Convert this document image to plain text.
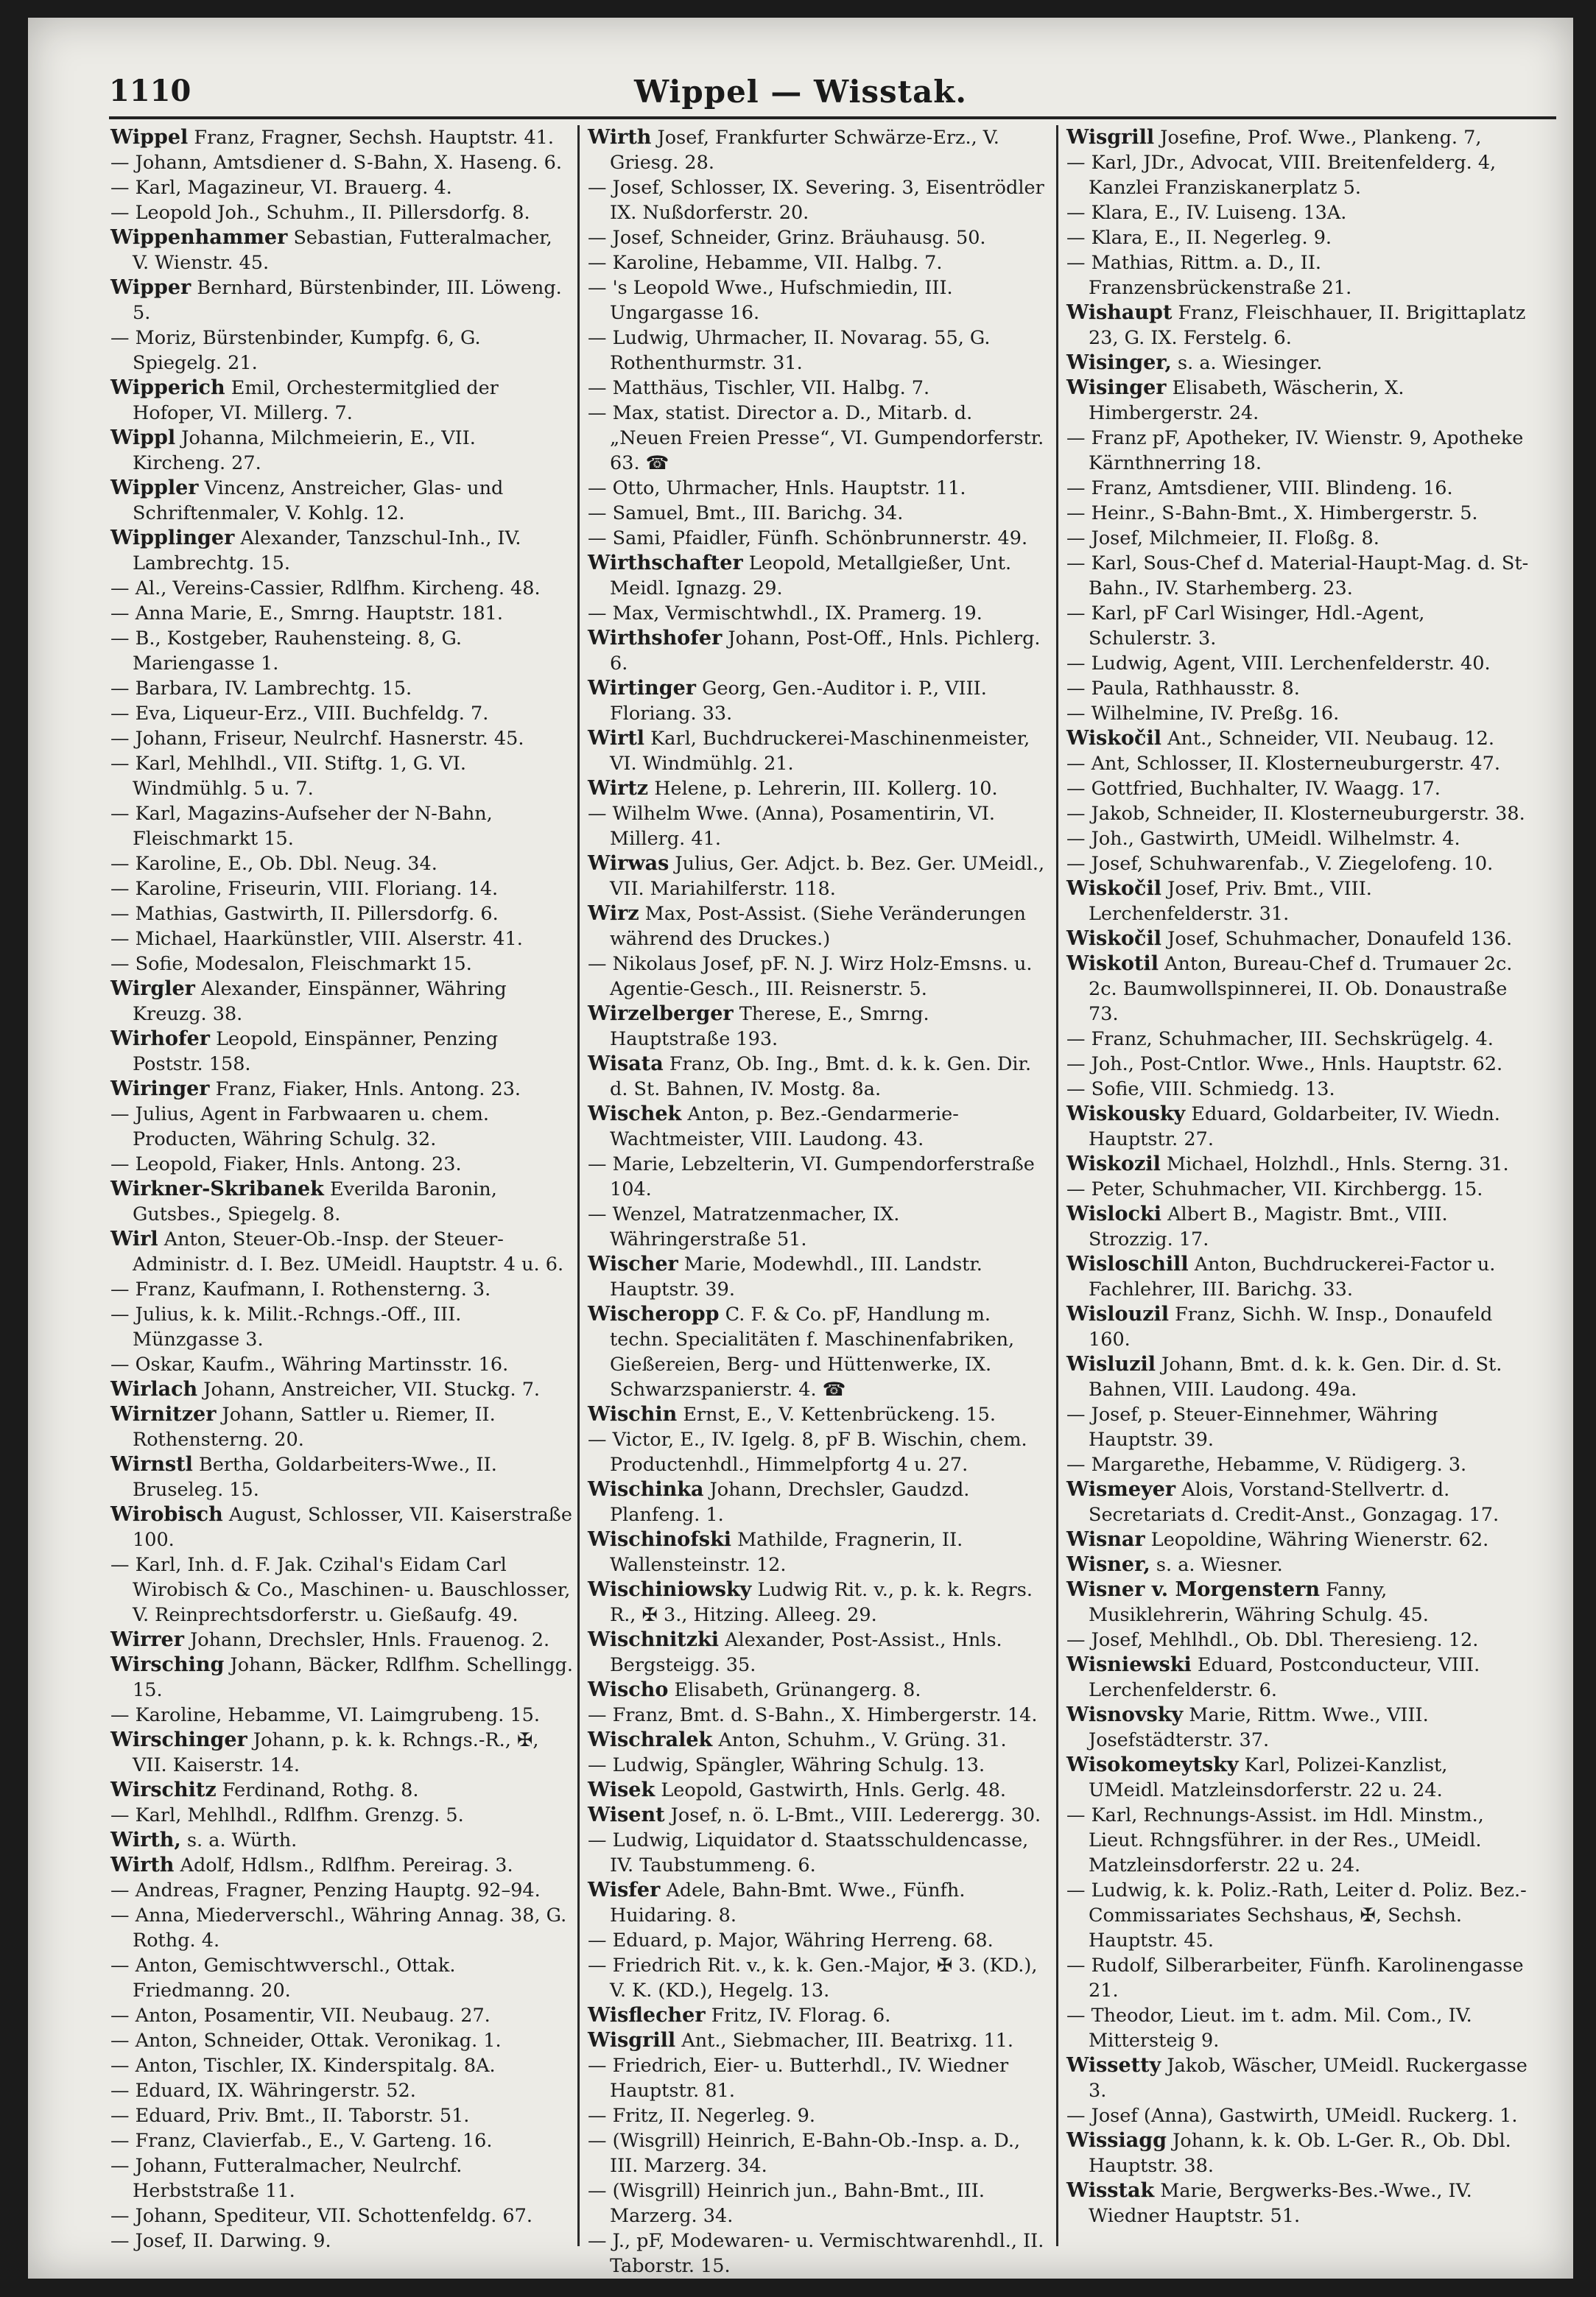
1110	Wippel — Wisstak.

Wippel Franz, Fragner, Sechsh. Hauptstr. 41.

— Johann, Amtsdiener d. S-Bahn, X. Haseng. 6.

— Karl, Magazineur, VI. Brauerg. 4.

— Leopold Joh., Schuhm., II. Pillersdorfg. 8.

Wippenhammer Sebastian, Futteralmacher, V. Wienstr. 45.

Wipper Bernhard, Bürstenbinder, III. Löweng. 5.

— Moriz, Bürstenbinder, Kumpfg. 6, G. Spiegelg. 21.

Wipperich Emil, Orchestermitglied der Hofoper, VI. Millerg. 7.

Wippl Johanna, Milchmeierin, E., VII. Kircheng. 27.

Wippler Vincenz, Anstreicher, Glas- und Schriftenmaler, V. Kohlg. 12.

Wipplinger Alexander, Tanzschul-Inh., IV. Lambrechtg. 15.

— Al., Vereins-Cassier, Rdlfhm. Kircheng. 48.

— Anna Marie, E., Smrng. Hauptstr. 181.

— B., Kostgeber, Rauhensteing. 8, G. Mariengasse 1.

— Barbara, IV. Lambrechtg. 15.

— Eva, Liqueur-Erz., VIII. Buchfeldg. 7.

— Johann, Friseur, Neulrchf. Hasnerstr. 45.

— Karl, Mehlhdl., VII. Stiftg. 1, G. VI. Windmühlg. 5 u. 7.

— Karl, Magazins-Aufseher der N-Bahn, Fleischmarkt 15.

— Karoline, E., Ob. Dbl. Neug. 34.

— Karoline, Friseurin, VIII. Floriang. 14.

— Mathias, Gastwirth, II. Pillersdorfg. 6.

— Michael, Haarkünstler, VIII. Alserstr. 41.

— Sofie, Modesalon, Fleischmarkt 15.

Wirgler Alexander, Einspänner, Währing Kreuzg. 38.

Wirhofer Leopold, Einspänner, Penzing Poststr. 158.

Wiringer Franz, Fiaker, Hnls. Antong. 23.

— Julius, Agent in Farbwaaren u. chem. Producten, Währing Schulg. 32.

— Leopold, Fiaker, Hnls. Antong. 23.

Wirkner-Skribanek Everilda Baronin, Gutsbes., Spiegelg. 8.

Wirl Anton, Steuer-Ob.-Insp. der Steuer-Administr. d. I. Bez. UMeidl. Hauptstr. 4 u. 6.

— Franz, Kaufmann, I. Rothensterng. 3.

— Julius, k. k. Milit.-Rchngs.-Off., III. Münzgasse 3.

— Oskar, Kaufm., Währing Martinsstr. 16.

Wirlach Johann, Anstreicher, VII. Stuckg. 7.

Wirnitzer Johann, Sattler u. Riemer, II. Rothensterng. 20.

Wirnstl Bertha, Goldarbeiters-Wwe., II. Bruseleg. 15.

Wirobisch August, Schlosser, VII. Kaiserstraße 100.

— Karl, Inh. d. F. Jak. Czihal's Eidam Carl Wirobisch & Co., Maschinen- u. Bauschlosser, V. Reinprechtsdorferstr. u. Gießaufg. 49.

Wirrer Johann, Drechsler, Hnls. Frauenog. 2.

Wirsching Johann, Bäcker, Rdlfhm. Schellingg. 15.

— Karoline, Hebamme, VI. Laimgrubeng. 15.

Wirschinger Johann, p. k. k. Rchngs.-R., ✠, VII. Kaiserstr. 14.

Wirschitz Ferdinand, Rothg. 8.

— Karl, Mehlhdl., Rdlfhm. Grenzg. 5.

Wirth, s. a. Würth.

Wirth Adolf, Hdlsm., Rdlfhm. Pereirag. 3.

— Andreas, Fragner, Penzing Hauptg. 92–94.

— Anna, Miederverschl., Währing Annag. 38, G. Rothg. 4.

— Anton, Gemischtwverschl., Ottak. Friedmanng. 20.

— Anton, Posamentir, VII. Neubaug. 27.

— Anton, Schneider, Ottak. Veronikag. 1.

— Anton, Tischler, IX. Kinderspitalg. 8A.

— Eduard, IX. Währingerstr. 52.

— Eduard, Priv. Bmt., II. Taborstr. 51.

— Franz, Clavierfab., E., V. Garteng. 16.

— Johann, Futteralmacher, Neulrchf. Herbststraße 11.

— Johann, Spediteur, VII. Schottenfeldg. 67.

— Josef, II. Darwing. 9.

Wirth Josef, Frankfurter Schwärze-Erz., V. Griesg. 28.

— Josef, Schlosser, IX. Severing. 3, Eisentrödler IX. Nußdorferstr. 20.

— Josef, Schneider, Grinz. Bräuhausg. 50.

— Karoline, Hebamme, VII. Halbg. 7.

— 's Leopold Wwe., Hufschmiedin, III. Ungargasse 16.

— Ludwig, Uhrmacher, II. Novarag. 55, G. Rothenthurmstr. 31.

— Matthäus, Tischler, VII. Halbg. 7.

— Max, statist. Director a. D., Mitarb. d. „Neuen Freien Presse“, VI. Gumpendorferstr. 63. ☎

— Otto, Uhrmacher, Hnls. Hauptstr. 11.

— Samuel, Bmt., III. Barichg. 34.

— Sami, Pfaidler, Fünfh. Schönbrunnerstr. 49.

Wirthschafter Leopold, Metallgießer, Unt. Meidl. Ignazg. 29.

— Max, Vermischtwhdl., IX. Pramerg. 19.

Wirthshofer Johann, Post-Off., Hnls. Pichlerg. 6.

Wirtinger Georg, Gen.-Auditor i. P., VIII. Floriang. 33.

Wirtl Karl, Buchdruckerei-Maschinenmeister, VI. Windmühlg. 21.

Wirtz Helene, p. Lehrerin, III. Kollerg. 10.

— Wilhelm Wwe. (Anna), Posamentirin, VI. Millerg. 41.

Wirwas Julius, Ger. Adjct. b. Bez. Ger. UMeidl., VII. Mariahilferstr. 118.

Wirz Max, Post-Assist. (Siehe Veränderungen während des Druckes.)

— Nikolaus Josef, pF. N. J. Wirz Holz-Emsns. u. Agentie-Gesch., III. Reisnerstr. 5.

Wirzelberger Therese, E., Smrng. Hauptstraße 193.

Wisata Franz, Ob. Ing., Bmt. d. k. k. Gen. Dir. d. St. Bahnen, IV. Mostg. 8a.

Wischek Anton, p. Bez.-Gendarmerie-Wachtmeister, VIII. Laudong. 43.

— Marie, Lebzelterin, VI. Gumpendorferstraße 104.

— Wenzel, Matratzenmacher, IX. Währingerstraße 51.

Wischer Marie, Modewhdl., III. Landstr. Hauptstr. 39.

Wischeropp C. F. & Co. pF, Handlung m. techn. Specialitäten f. Maschinenfabriken, Gießereien, Berg- und Hüttenwerke, IX. Schwarzspanierstr. 4. ☎

Wischin Ernst, E., V. Kettenbrückeng. 15.

— Victor, E., IV. Igelg. 8, pF B. Wischin, chem. Productenhdl., Himmelpfortg 4 u. 27.

Wischinka Johann, Drechsler, Gaudzd. Planfeng. 1.

Wischinofski Mathilde, Fragnerin, II. Wallensteinstr. 12.

Wischiniowsky Ludwig Rit. v., p. k. k. Regrs. R., ✠ 3., Hitzing. Alleeg. 29.

Wischnitzki Alexander, Post-Assist., Hnls. Bergsteigg. 35.

Wischo Elisabeth, Grünangerg. 8.

— Franz, Bmt. d. S-Bahn., X. Himbergerstr. 14.

Wischralek Anton, Schuhm., V. Grüng. 31.

— Ludwig, Spängler, Währing Schulg. 13.

Wisek Leopold, Gastwirth, Hnls. Gerlg. 48.

Wisent Josef, n. ö. L-Bmt., VIII. Lederergg. 30.

— Ludwig, Liquidator d. Staatsschuldencasse, IV. Taubstummeng. 6.

Wisfer Adele, Bahn-Bmt. Wwe., Fünfh. Huidaring. 8.

— Eduard, p. Major, Währing Herreng. 68.

— Friedrich Rit. v., k. k. Gen.-Major, ✠ 3. (KD.), V. K. (KD.), Hegelg. 13.

Wisflecher Fritz, IV. Florag. 6.

Wisgrill Ant., Siebmacher, III. Beatrixg. 11.

— Friedrich, Eier- u. Butterhdl., IV. Wiedner Hauptstr. 81.

— Fritz, II. Negerleg. 9.

— (Wisgrill) Heinrich, E-Bahn-Ob.-Insp. a. D., III. Marzerg. 34.

— (Wisgrill) Heinrich jun., Bahn-Bmt., III. Marzerg. 34.

— J., pF, Modewaren- u. Vermischtwarenhdl., II. Taborstr. 15.

Wisgrill Josefine, Prof. Wwe., Plankeng. 7,

— Karl, JDr., Advocat, VIII. Breitenfelderg. 4, Kanzlei Franziskanerplatz 5.

— Klara, E., IV. Luiseng. 13A.

— Klara, E., II. Negerleg. 9.

— Mathias, Rittm. a. D., II. Franzensbrückenstraße 21.

Wishaupt Franz, Fleischhauer, II. Brigittaplatz 23, G. IX. Ferstelg. 6.

Wisinger, s. a. Wiesinger.

Wisinger Elisabeth, Wäscherin, X. Himbergerstr. 24.

— Franz pF, Apotheker, IV. Wienstr. 9, Apotheke Kärnthnerring 18.

— Franz, Amtsdiener, VIII. Blindeng. 16.

— Heinr., S-Bahn-Bmt., X. Himbergerstr. 5.

— Josef, Milchmeier, II. Floßg. 8.

— Karl, Sous-Chef d. Material-Haupt-Mag. d. St-Bahn., IV. Starhemberg. 23.

— Karl, pF Carl Wisinger, Hdl.-Agent, Schulerstr. 3.

— Ludwig, Agent, VIII. Lerchenfelderstr. 40.

— Paula, Rathhausstr. 8.

— Wilhelmine, IV. Preßg. 16.

Wiskočil Ant., Schneider, VII. Neubaug. 12.

— Ant, Schlosser, II. Klosterneuburgerstr. 47.

— Gottfried, Buchhalter, IV. Waagg. 17.

— Jakob, Schneider, II. Klosterneuburgerstr. 38.

— Joh., Gastwirth, UMeidl. Wilhelmstr. 4.

— Josef, Schuhwarenfab., V. Ziegelofeng. 10.

Wiskočil Josef, Priv. Bmt., VIII. Lerchenfelderstr. 31.

Wiskočil Josef, Schuhmacher, Donaufeld 136.

Wiskotil Anton, Bureau-Chef d. Trumauer 2c. 2c. Baumwollspinnerei, II. Ob. Donaustraße 73.

— Franz, Schuhmacher, III. Sechskrügelg. 4.

— Joh., Post-Cntlor. Wwe., Hnls. Hauptstr. 62.

— Sofie, VIII. Schmiedg. 13.

Wiskousky Eduard, Goldarbeiter, IV. Wiedn. Hauptstr. 27.

Wiskozil Michael, Holzhdl., Hnls. Sterng. 31.

— Peter, Schuhmacher, VII. Kirchbergg. 15.

Wislocki Albert B., Magistr. Bmt., VIII. Strozzig. 17.

Wisloschill Anton, Buchdruckerei-Factor u. Fachlehrer, III. Barichg. 33.

Wislouzil Franz, Sichh. W. Insp., Donaufeld 160.

Wisluzil Johann, Bmt. d. k. k. Gen. Dir. d. St. Bahnen, VIII. Laudong. 49a.

— Josef, p. Steuer-Einnehmer, Währing Hauptstr. 39.

— Margarethe, Hebamme, V. Rüdigerg. 3.

Wismeyer Alois, Vorstand-Stellvertr. d. Secretariats d. Credit-Anst., Gonzagag. 17.

Wisnar Leopoldine, Währing Wienerstr. 62.

Wisner, s. a. Wiesner.

Wisner v. Morgenstern Fanny, Musiklehrerin, Währing Schulg. 45.

— Josef, Mehlhdl., Ob. Dbl. Theresieng. 12.

Wisniewski Eduard, Postconducteur, VIII. Lerchenfelderstr. 6.

Wisnovsky Marie, Rittm. Wwe., VIII. Josefstädterstr. 37.

Wisokomeytsky Karl, Polizei-Kanzlist, UMeidl. Matzleinsdorferstr. 22 u. 24.

— Karl, Rechnungs-Assist. im Hdl. Minstm., Lieut. Rchngsführer. in der Res., UMeidl. Matzleinsdorferstr. 22 u. 24.

— Ludwig, k. k. Poliz.-Rath, Leiter d. Poliz. Bez.-Commissariates Sechshaus, ✠, Sechsh. Hauptstr. 45.

— Rudolf, Silberarbeiter, Fünfh. Karolinengasse 21.

— Theodor, Lieut. im t. adm. Mil. Com., IV. Mittersteig 9.

Wissetty Jakob, Wäscher, UMeidl. Ruckergasse 3.

— Josef (Anna), Gastwirth, UMeidl. Ruckerg. 1.

Wissiagg Johann, k. k. Ob. L-Ger. R., Ob. Dbl. Hauptstr. 38.

Wisstak Marie, Bergwerks-Bes.-Wwe., IV. Wiedner Hauptstr. 51.
